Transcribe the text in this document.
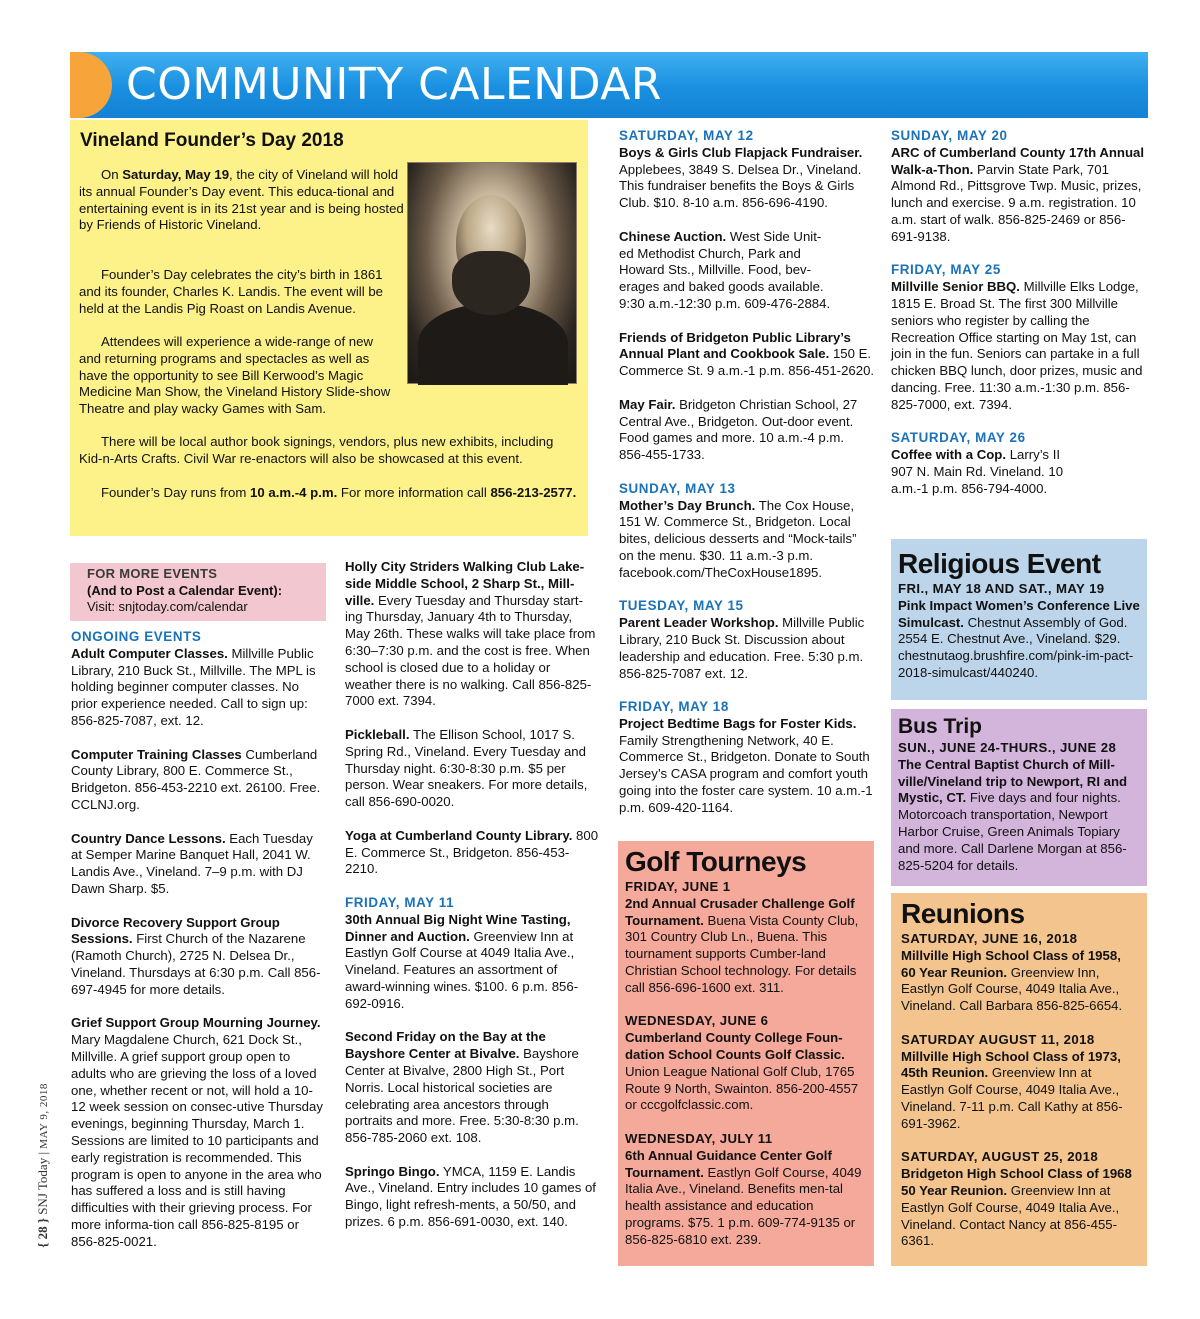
COMMUNITY CALENDAR
Vineland Founder’s Day 2018

On Saturday, May 19, the city of Vineland will hold its annual Founder’s Day event. This educa-tional and entertaining event is in its 21st year and is being hosted by Friends of Historic Vineland.

Founder’s Day celebrates the city’s birth in 1861 and its founder, Charles K. Landis. The event will be held at the Landis Pig Roast on Landis Avenue.

Attendees will experience a wide-range of new and returning programs and spectacles as well as have the opportunity to see Bill Kerwood’s Magic Medicine Man Show, the Vineland History Slide-show Theatre and play wacky Games with Sam.

There will be local author book signings, vendors, plus new exhibits, including Kid-n-Arts Crafts. Civil War re-enactors will also be showcased at this event.

Founder’s Day runs from 10 a.m.-4 p.m. For more information call 856-213-2577.

FOR MORE EVENTS
(And to Post a Calendar Event):
Visit: snjtoday.com/calendar
ONGOING EVENTS
Adult Computer Classes. Millville Public Library, 210 Buck St., Millville. The MPL is holding beginner computer classes. No prior experience needed. Call to sign up: 856-825-7087, ext. 12.
Computer Training Classes Cumberland County Library, 800 E. Commerce St., Bridgeton. 856-453-2210 ext. 26100. Free. CCLNJ.org.
Country Dance Lessons. Each Tuesday at Semper Marine Banquet Hall, 2041 W. Landis Ave., Vineland. 7–9 p.m. with DJ Dawn Sharp. $5.
Divorce Recovery Support Group Sessions. First Church of the Nazarene (Ramoth Church), 2725 N. Delsea Dr., Vineland. Thursdays at 6:30 p.m. Call 856-697-4945 for more details.
Grief Support Group Mourning Journey. Mary Magdalene Church, 621 Dock St., Millville. A grief support group open to adults who are grieving the loss of a loved one, whether recent or not, will hold a 10-12 week session on consec-utive Thursday evenings, beginning Thursday, March 1. Sessions are limited to 10 participants and early registration is recommended. This program is open to anyone in the area who has suffered a loss and is still having difficulties with their grieving process. For more informa-tion call 856-825-8195 or 856-825-0021.
Holly City Striders Walking Club Lake-side Middle School, 2 Sharp St., Mill-ville. Every Tuesday and Thursday start-ing Thursday, January 4th to Thursday, May 26th. These walks will take place from 6:30–7:30 p.m. and the cost is free. When school is closed due to a holiday or weather there is no walking. Call 856-825-7000 ext. 7394.
Pickleball. The Ellison School, 1017 S. Spring Rd., Vineland. Every Tuesday and Thursday night. 6:30-8:30 p.m. $5 per person. Wear sneakers. For more details, call 856-690-0020.
Yoga at Cumberland County Library. 800 E. Commerce St., Bridgeton. 856-453-2210.
FRIDAY, MAY 11
30th Annual Big Night Wine Tasting, Dinner and Auction. Greenview Inn at Eastlyn Golf Course at 4049 Italia Ave., Vineland. Features an assortment of award-winning wines. $100. 6 p.m. 856-692-0916.
Second Friday on the Bay at the Bayshore Center at Bivalve. Bayshore Center at Bivalve, 2800 High St., Port Norris. Local historical societies are celebrating area ancestors through portraits and more. Free. 5:30-8:30 p.m. 856-785-2060 ext. 108.
Springo Bingo. YMCA, 1159 E. Landis Ave., Vineland. Entry includes 10 games of Bingo, light refresh-ments, a 50/50, and prizes. 6 p.m. 856-691-0030, ext. 140.
SATURDAY, MAY 12
Boys & Girls Club Flapjack Fundraiser. Applebees, 3849 S. Delsea Dr., Vineland. This fundraiser benefits the Boys & Girls Club. $10. 8-10 a.m. 856-696-4190.
Chinese Auction. West Side Unit-ed Methodist Church, Park and Howard Sts., Millville. Food, bev-erages and baked goods available. 9:30 a.m.-12:30 p.m. 609-476-2884.
Friends of Bridgeton Public Library’s Annual Plant and Cookbook Sale. 150 E. Commerce St. 9 a.m.-1 p.m. 856-451-2620.
May Fair. Bridgeton Christian School, 27 Central Ave., Bridgeton. Out-door event. Food games and more. 10 a.m.-4 p.m. 856-455-1733.
SUNDAY, MAY 13
Mother’s Day Brunch. The Cox House, 151 W. Commerce St., Bridgeton. Local bites, delicious desserts and “Mock-tails” on the menu. $30. 11 a.m.-3 p.m. facebook.com/TheCoxHouse1895.
TUESDAY, MAY 15
Parent Leader Workshop. Millville Public Library, 210 Buck St. Discussion about leadership and education. Free. 5:30 p.m. 856-825-7087 ext. 12.
FRIDAY, MAY 18
Project Bedtime Bags for Foster Kids. Family Strengthening Network, 40 E. Commerce St., Bridgeton. Donate to South Jersey’s CASA program and comfort youth going into the foster care system. 10 a.m.-1 p.m. 609-420-1164.
Golf Tourneys
FRIDAY, JUNE 1
2nd Annual Crusader Challenge Golf Tournament. Buena Vista County Club, 301 Country Club Ln., Buena. This tournament supports Cumber-land Christian School technology. For details call 856-696-1600 ext. 311.
WEDNESDAY, JUNE 6
Cumberland County College Foun-dation School Counts Golf Classic. Union League National Golf Club, 1765 Route 9 North, Swainton. 856-200-4557 or cccgolfclassic.com.
WEDNESDAY, JULY 11
6th Annual Guidance Center Golf Tournament. Eastlyn Golf Course, 4049 Italia Ave., Vineland. Benefits men-tal health assistance and education programs. $75. 1 p.m. 609-774-9135 or 856-825-6810 ext. 239.
SUNDAY, MAY 20
ARC of Cumberland County 17th Annual Walk-a-Thon. Parvin State Park, 701 Almond Rd., Pittsgrove Twp. Music, prizes, lunch and exercise. 9 a.m. registration. 10 a.m. start of walk. 856-825-2469 or 856-691-9138.
FRIDAY, MAY 25
Millville Senior BBQ. Millville Elks Lodge, 1815 E. Broad St. The first 300 Millville seniors who register by calling the Recreation Office starting on May 1st, can join in the fun. Seniors can partake in a full chicken BBQ lunch, door prizes, music and dancing. Free. 11:30 a.m.-1:30 p.m. 856-825-7000, ext. 7394.
SATURDAY, MAY 26
Coffee with a Cop. Larry’s II 907 N. Main Rd. Vineland. 10 a.m.-1 p.m. 856-794-4000.
Religious Event
FRI., MAY 18 AND SAT., MAY 19
Pink Impact Women’s Conference Live Simulcast. Chestnut Assembly of God. 2554 E. Chestnut Ave., Vineland. $29. chestnutaog.brushfire.com/pink-im-pact-2018-simulcast/440240.
Bus Trip
SUN., JUNE 24-THURS., JUNE 28
The Central Baptist Church of Mill-ville/Vineland trip to Newport, RI and Mystic, CT. Five days and four nights. Motorcoach transportation, Newport Harbor Cruise, Green Animals Topiary and more. Call Darlene Morgan at 856-825-5204 for details.
Reunions
SATURDAY, JUNE 16, 2018
Millville High School Class of 1958, 60 Year Reunion. Greenview Inn, Eastlyn Golf Course, 4049 Italia Ave., Vineland. Call Barbara 856-825-6654.
SATURDAY AUGUST 11, 2018
Millville High School Class of 1973, 45th Reunion. Greenview Inn at Eastlyn Golf Course, 4049 Italia Ave., Vineland. 7-11 p.m. Call Kathy at 856-691-3962.
SATURDAY, AUGUST 25, 2018
Bridgeton High School Class of 1968 50 Year Reunion. Greenview Inn at Eastlyn Golf Course, 4049 Italia Ave., Vineland. Contact Nancy at 856-455-6361.
{ 28 } SNJ Today | MAY 9, 2018
